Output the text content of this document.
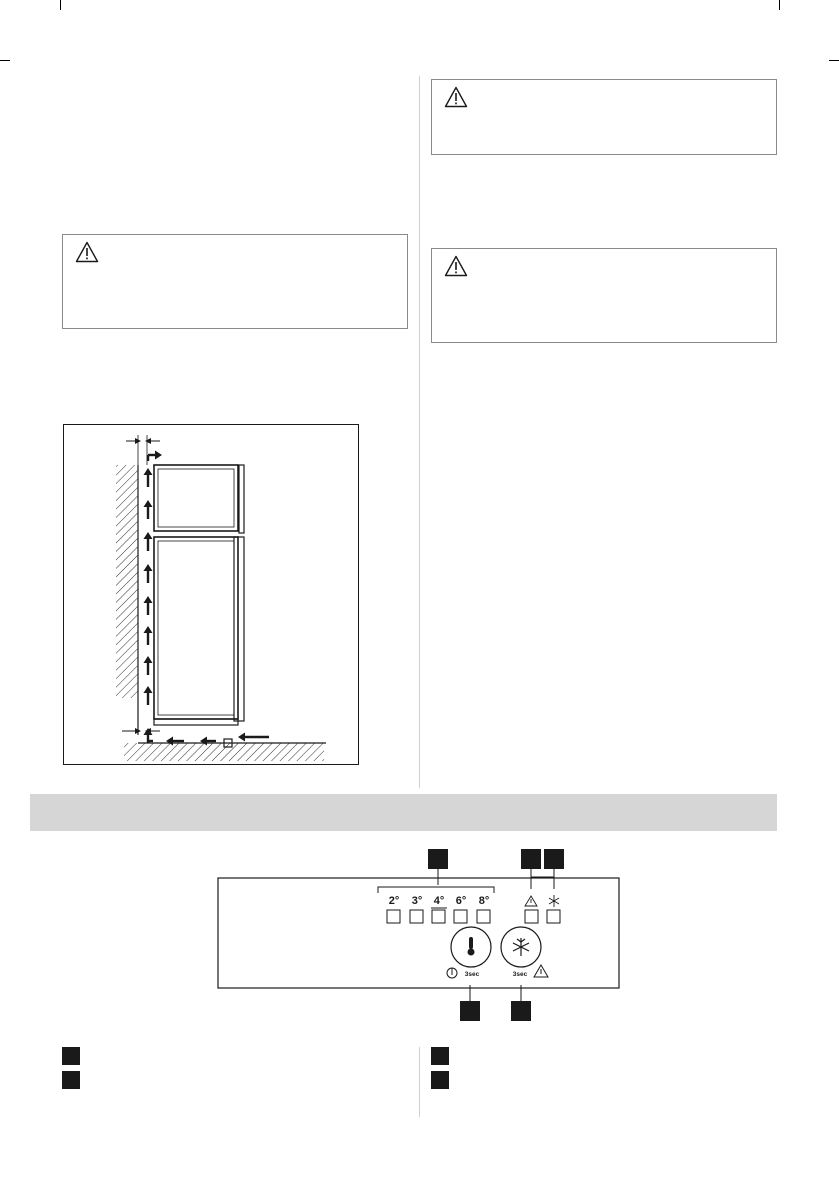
2° 3° 4° 6° 8°
3sec	3sec
